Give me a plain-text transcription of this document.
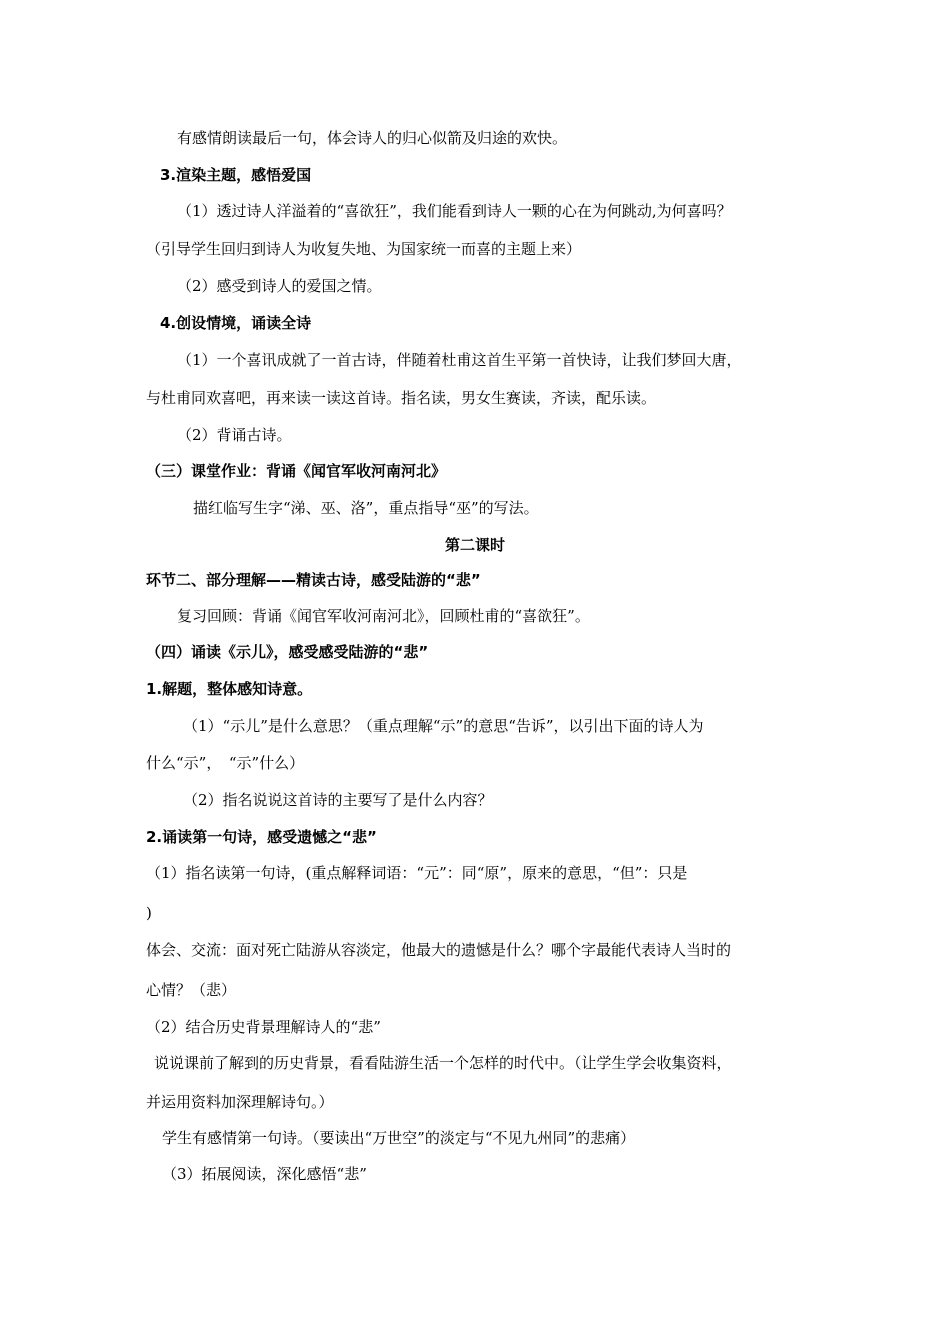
有感情朗读最后一句，体会诗人的归心似箭及归途的欢快。
3.渲染主题，感悟爱国
（1）透过诗人洋溢着的“喜欲狂”，我们能看到诗人一颗的心在为何跳动,为何喜吗？
（引导学生回归到诗人为收复失地、为国家统一而喜的主题上来）
（2）感受到诗人的爱国之情。
4.创设情境，诵读全诗
（1）一个喜讯成就了一首古诗，伴随着杜甫这首生平第一首快诗，让我们梦回大唐，
与杜甫同欢喜吧，再来读一读这首诗。指名读，男女生赛读，齐读，配乐读。
（2）背诵古诗。
（三）课堂作业：背诵《闻官军收河南河北》
描红临写生字“涕、巫、洛”，重点指导“巫”的写法。
第二课时
环节二、部分理解——精读古诗，感受陆游的“悲”
复习回顾：背诵《闻官军收河南河北》，回顾杜甫的“喜欲狂”。
（四）诵读《示儿》，感受感受陆游的“悲”
1.解题，整体感知诗意。
（1）“示儿”是什么意思？（重点理解“示”的意思“告诉”，以引出下面的诗人为
什么“示”，　“示”什么）
（2）指名说说这首诗的主要写了是什么内容？
2.诵读第一句诗，感受遗憾之“悲”
（1）指名读第一句诗，(重点解释词语：“元”：同“原”，原来的意思，“但”：只是
)
体会、交流：面对死亡陆游从容淡定，他最大的遗憾是什么？哪个字最能代表诗人当时的
心情？（悲）
（2）结合历史背景理解诗人的“悲”
说说课前了解到的历史背景，看看陆游生活一个怎样的时代中。（让学生学会收集资料，
并运用资料加深理解诗句。）
学生有感情第一句诗。（要读出“万世空”的淡定与“不见九州同”的悲痛）
（3）拓展阅读，深化感悟“悲”
